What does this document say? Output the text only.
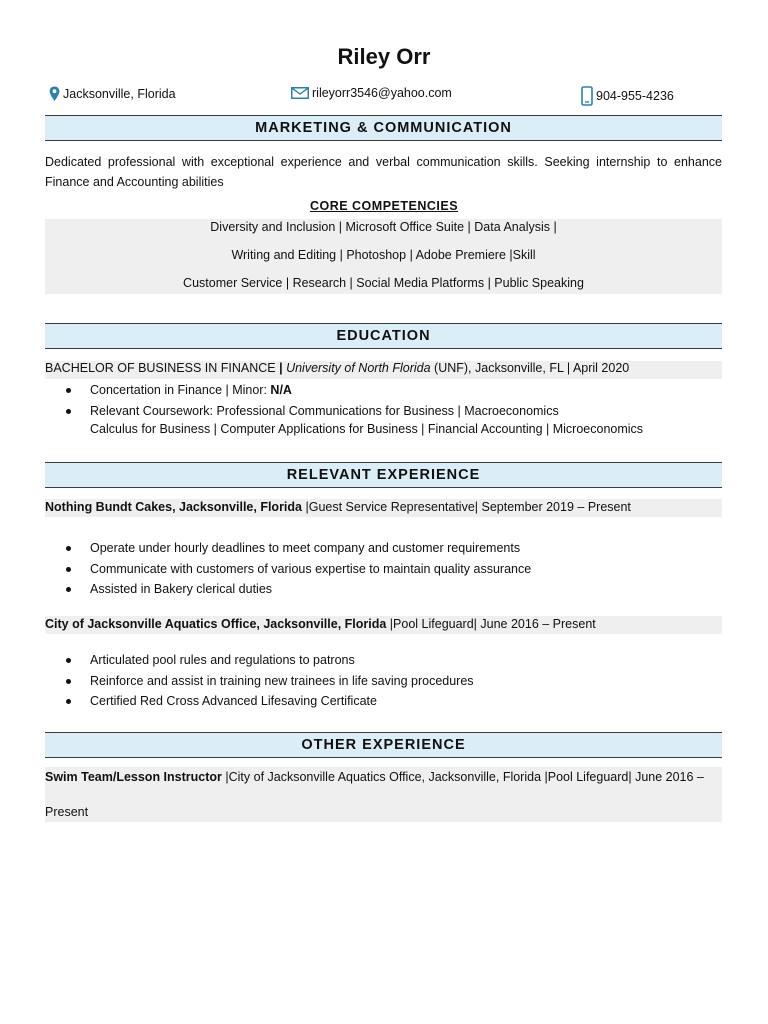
Riley Orr
Jacksonville, Florida	rileyorr3546@yahoo.com	904-955-4236
MARKETING & COMMUNICATION
Dedicated professional with exceptional experience and verbal communication skills. Seeking internship to enhance Finance and Accounting abilities
CORE COMPETENCIES
Diversity and Inclusion | Microsoft Office Suite | Data Analysis |
Writing and Editing | Photoshop | Adobe Premiere |Skill
Customer Service | Research | Social Media Platforms | Public Speaking
EDUCATION
BACHELOR OF BUSINESS IN FINANCE | University of North Florida (UNF), Jacksonville, FL | April 2020
Concertation in Finance | Minor: N/A
Relevant Coursework: Professional Communications for Business | Macroeconomics
Calculus for Business | Computer Applications for Business | Financial Accounting | Microeconomics
RELEVANT EXPERIENCE
Nothing Bundt Cakes, Jacksonville, Florida |Guest Service Representative| September 2019 – Present
Operate under hourly deadlines to meet company and customer requirements
Communicate with customers of various expertise to maintain quality assurance
Assisted in Bakery clerical duties
City of Jacksonville Aquatics Office, Jacksonville, Florida |Pool Lifeguard| June 2016 – Present
Articulated pool rules and regulations to patrons
Reinforce and assist in training new trainees in life saving procedures
Certified Red Cross Advanced Lifesaving Certificate
OTHER EXPERIENCE
Swim Team/Lesson Instructor |City of Jacksonville Aquatics Office, Jacksonville, Florida |Pool Lifeguard| June 2016 –
Present
